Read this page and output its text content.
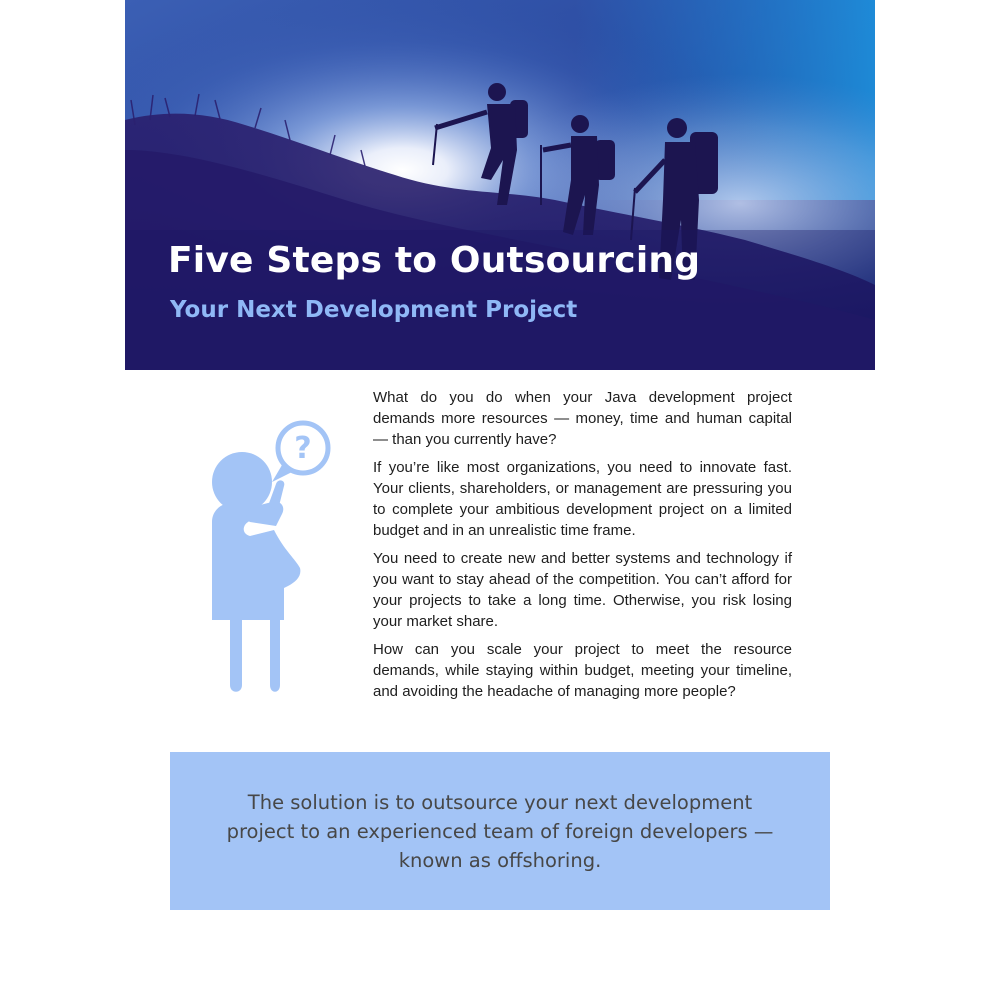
Five Steps to Outsourcing
Your Next Development Project
?

What do you do when your Java development project demands more resources — money, time and human capital — than you currently have?

If you’re like most organizations, you need to innovate fast. Your clients, shareholders, or management are pressuring you to complete your ambitious development project on a limited budget and in an unrealistic time frame.

You need to create new and better systems and technology if you want to stay ahead of the competition. You can’t afford for your projects to take a long time. Otherwise, you risk losing your market share.

How can you scale your project to meet the resource demands, while staying within budget, meeting your timeline, and avoiding the headache of managing more people?

The solution is to outsource your next development project to an experienced team of foreign developers — known as offshoring.
